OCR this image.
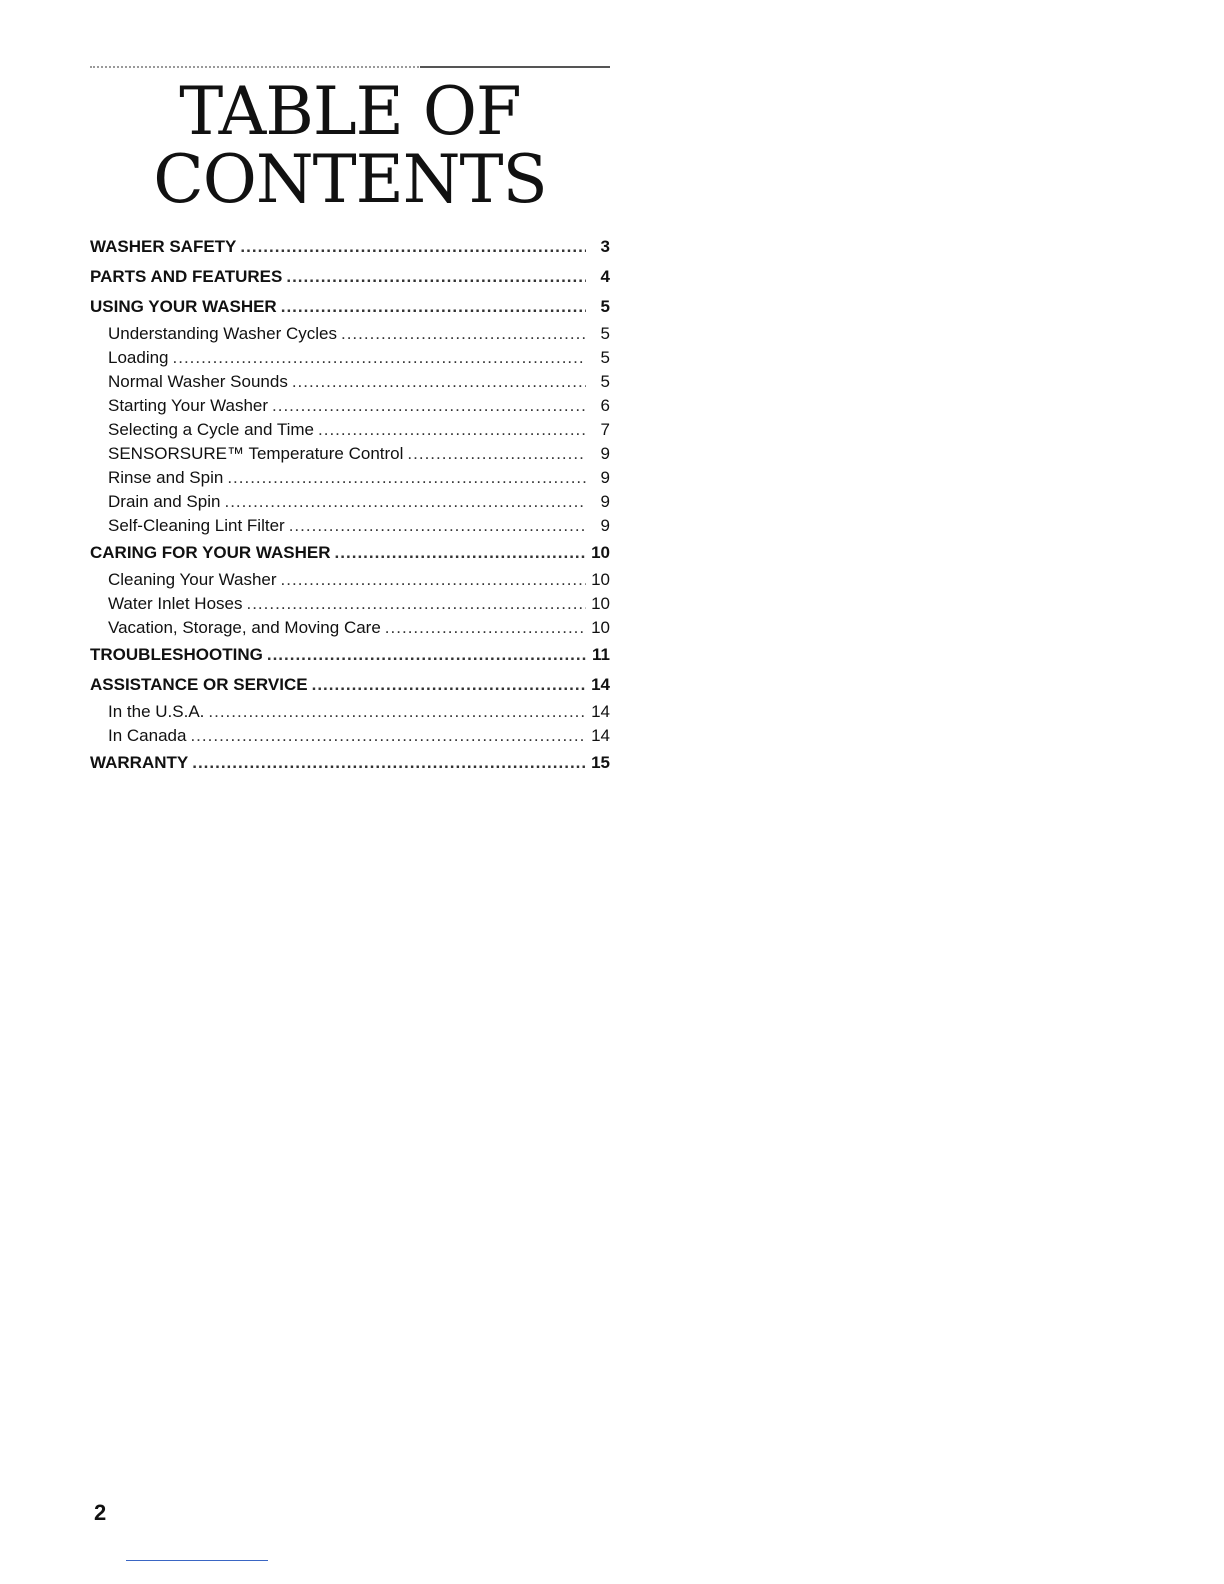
TABLE OF
CONTENTS
WASHER SAFETY .....	3
PARTS AND FEATURES .....	4
USING YOUR WASHER .....	5
Understanding Washer Cycles .....	5
Loading .....	5
Normal Washer Sounds .....	5
Starting Your Washer .....	6
Selecting a Cycle and Time .....	7
SENSORSURE™ Temperature Control .....	9
Rinse and Spin .....	9
Drain and Spin .....	9
Self-Cleaning Lint Filter .....	9
CARING FOR YOUR WASHER .....	10
Cleaning Your Washer .....	10
Water Inlet Hoses .....	10
Vacation, Storage, and Moving Care .....	10
TROUBLESHOOTING .....	11
ASSISTANCE OR SERVICE .....	14
In the U.S.A. .....	14
In Canada .....	14
WARRANTY .....	15
2
